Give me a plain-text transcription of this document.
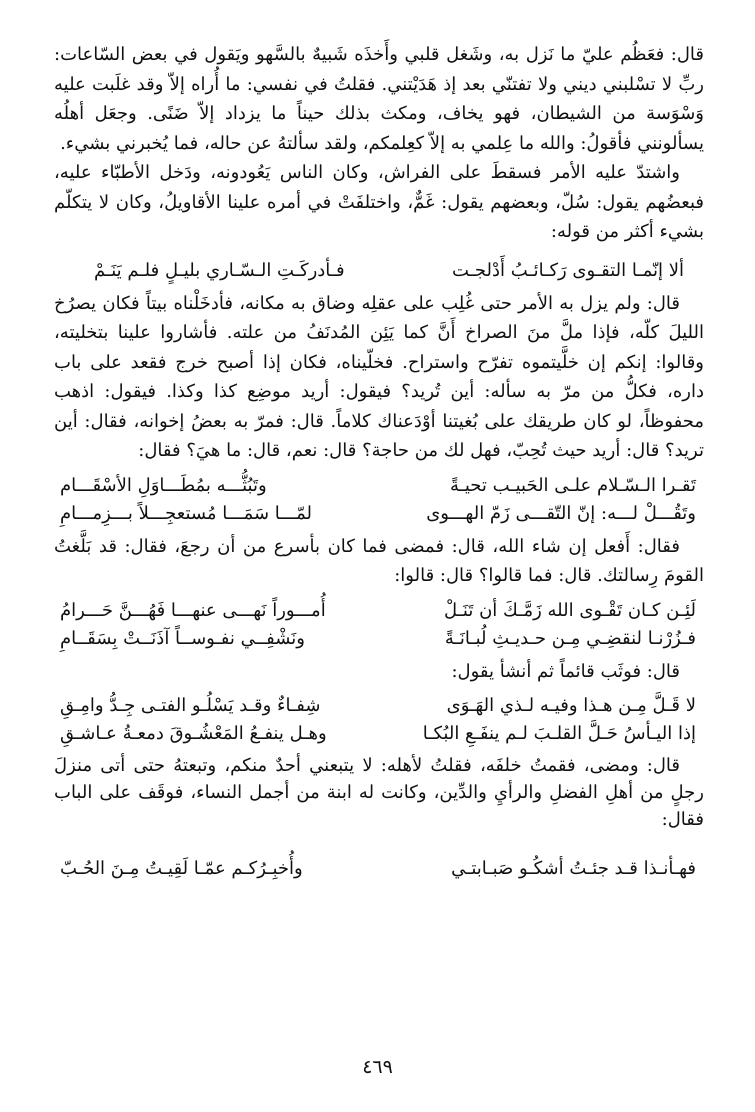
قال: فعَظُم عليّ ما نَزل به، وشَغل قلبي وأَخذَه شَبيهٌ بالسَّهو ويَقول في بعض السّاعات: ربِّ لا تسْلبني ديني ولا تفتنّي بعد إذ هَدَيْتني. فقلتُ في نفسي: ما أُراه إلاّ وقد غلَبت عليه وَسْوَسة من الشيطان، فهو يخاف، ومكث بذلك حيناً ما يزداد إلاّ ضَنًى. وجعَل أهلُه يسألونني فأقولُ: والله ما عِلمي به إلاّ كعِلمكم، ولقد سألتهُ عن حاله، فما يُخبرني بشيء.

واشتدّ عليه الأمر فسقطَ على الفراش، وكان الناس يَعُودونه، ودَخل الأطبّاء عليه، فبعضُهم يقول: سُلّ، وبعضهم يقول: غَمٌّ، واختلفَتْ في أمره علينا الأقاويلُ، وكان لا يتكلّم بشيء أكثر من قوله:

ألا إنّمـا التقـوى رَكـائـبُ أَدْلجـت
فـأدركَـتِ الـسّـاري بليـلٍ فلـم يَنَـمْ

قال: ولم يزل به الأمر حتى غُلِب على عقلِه وضاق به مكانه، فأدخَلْناه بيتاً فكان يصرُخ الليلَ كلّه، فإذا ملَّ منَ الصراخ أَنَّ كما يَئِن المُدنَفُ من علته. فأشاروا علينا بتخليته، وقالوا: إنكم إن خلَّيتموه تفرّح واستراح. فخلّيناه، فكان إذا أصبح خرج فقعد على باب داره، فكلُّ من مرّ به سأله: أين تُريد؟ فيقول: أريد موضِع كذا وكذا. فيقول: اذهب محفوظاً، لو كان طريقك على بُغيتنا أوْدَعناك كلاماً. قال: فمرّ به بعضُ إخوانه، فقال: أين تريد؟ قال: أريد حيث تُحِبّ، فهل لك من حاجة؟ قال: نعم، قال: ما هيَ؟ فقال:

تَقـرا الـسّـلام علـى الحَبيـب تحيـةً
وتَبُثُّـــه بمُطَـــاوَلِ الأسْقَـــام
وتَقُـــلْ لـــه: إنّ التّقـــى زَمّ الهـــوى
لمّـــا سَمَـــا مُستعجِـــلاً بـــزِمـــامِ

فقال: أَفعل إن شاء الله، قال: فمضى فما كان بأسرع من أن رجعَ، فقال: قد بَلَّغتُ القومَ رِسالتك. قال: فما قالوا؟ قال: قالوا:

لَئِـن كـان تَقْـوى الله زَمَّـكَ أن تَنَـلْ
أُمـــوراً نَهـــى عنهـــا فَهُـــنَّ حَـــرامُ
فـزُرْنـا لنقضِـي مِـن حـديـثِ لُبـانَـةً
ونَشْفِــي نفـوســاً آذَنَــتْ بِسَقَــامِ

قال: فوثَب قائماً ثم أنشأ يقول:

لا قَـلَّ مِـن هـذا وفيـه لـذي الهَـوَى
شِفـاءٌ وقـد يَسْلُـو الفتـى جِـدُّ وامِـقِ
إذا اليـأسُ حَـلَّ القلـبَ لـم ينفَـعِ البُكـا
وهـل ينفـعُ المَعْشُـوقَ دمعـةُ عـاشـقِ

قال: ومضى، فقمتُ خلفَه، فقلتُ لأهله: لا يتبعني أحدٌ منكم، وتبعتهُ حتى أتى منزلَ رجلٍ من أهلِ الفضلِ والرأيِ والدِّين، وكانت له ابنة من أجمل النساء، فوقَف على الباب فقال:

فهـأنـذا قـد جئـتُ أشكُـو صَبـابتـي
وأُخبِـرُكـم عمّـا لَقِيـتُ مِـنَ الحُـبّ
٤٦٩
